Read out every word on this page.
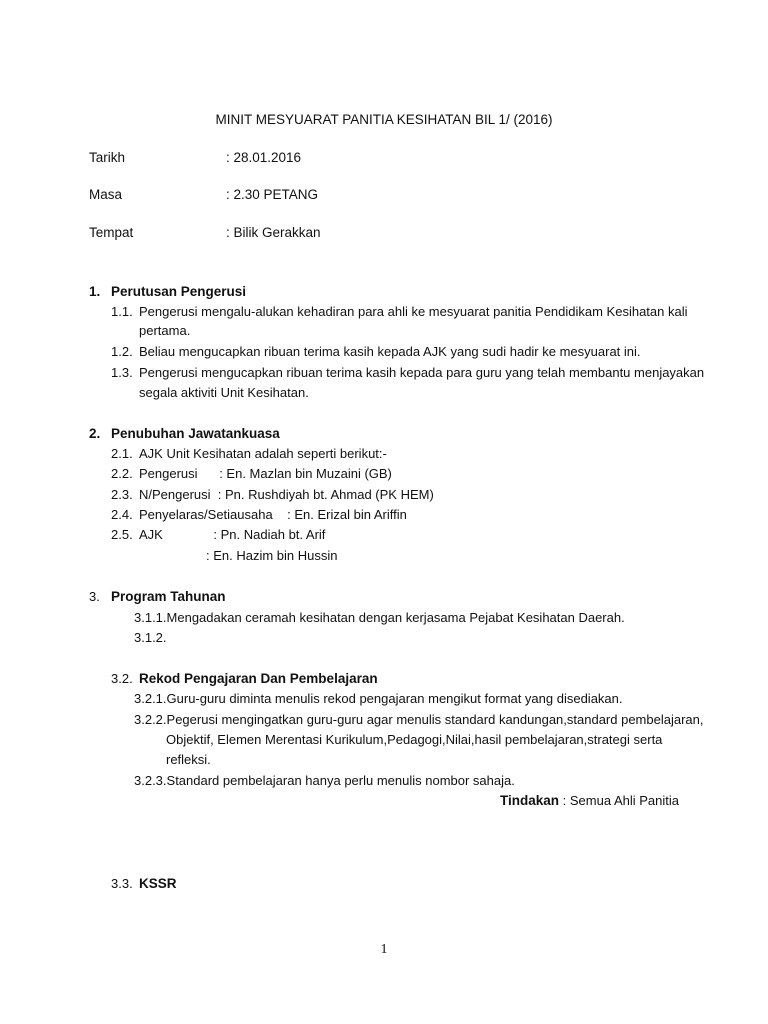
MINIT MESYUARAT PANITIA KESIHATAN BIL 1/ (2016)
Tarikh	: 28.01.2016
Masa	: 2.30 PETANG
Tempat	: Bilik Gerakkan
1. Perutusan Pengerusi
1.1. Pengerusi mengalu-alukan kehadiran para ahli ke mesyuarat panitia Pendidikam Kesihatan kali
pertama.
1.2. Beliau mengucapkan ribuan terima kasih kepada AJK yang sudi hadir ke mesyuarat ini.
1.3. Pengerusi mengucapkan ribuan terima kasih kepada para guru yang telah membantu menjayakan
segala aktiviti Unit Kesihatan.
2. Penubuhan Jawatankuasa
2.1. AJK Unit Kesihatan adalah seperti berikut:-
2.2. Pengerusi      : En. Mazlan bin Muzaini (GB)
2.3. N/Pengerusi  : Pn. Rushdiyah bt. Ahmad (PK HEM)
2.4. Penyelaras/Setiausaha    : En. Erizal bin Ariffin
2.5. AJK              : Pn. Nadiah bt. Arif
: En. Hazim bin Hussin
3. Program Tahunan
3.1.1.Mengadakan ceramah kesihatan dengan kerjasama Pejabat Kesihatan Daerah.
3.1.2.
3.2. Rekod Pengajaran Dan Pembelajaran
3.2.1.Guru-guru diminta menulis rekod pengajaran mengikut format yang disediakan.
3.2.2.Pegerusi mengingatkan guru-guru agar menulis standard kandungan,standard pembelajaran,
Objektif, Elemen Merentasi Kurikulum,Pedagogi,Nilai,hasil pembelajaran,strategi serta
refleksi.
3.2.3.Standard pembelajaran hanya perlu menulis nombor sahaja.
Tindakan : Semua Ahli Panitia
3.3. KSSR
1
